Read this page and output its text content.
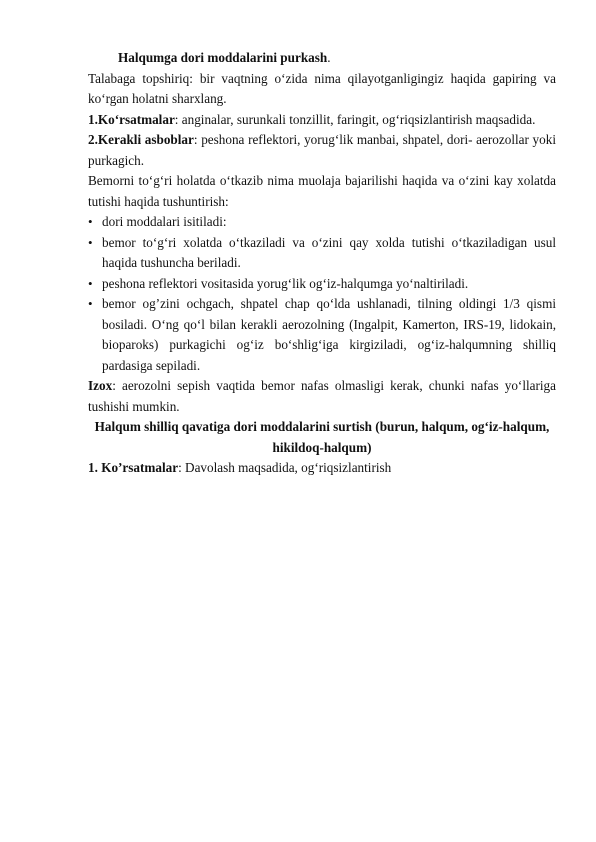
Halqumga dori moddalarini purkash.

Talabaga topshiriq: bir vaqtning o‘zida nima qilayotganligingiz haqida gapiring va ko‘rgan holatni sharxlang.

1.Ko‘rsatmalar: anginalar, surunkali tonzillit, faringit, og‘riqsizlantirish maqsadida.

2.Kerakli asboblar: peshona reflektori, yorug‘lik manbai, shpatel, dori- aerozollar yoki purkagich.

Bemorni to‘g‘ri holatda o‘tkazib nima muolaja bajarilishi haqida va o‘zini kay xolatda tutishi haqida tushuntirish:

• dori moddalari isitiladi:
• bemor to‘g‘ri xolatda o‘tkaziladi va o‘zini qay xolda tutishi o‘tkaziladigan usul haqida tushuncha beriladi.
• peshona reflektori vositasida yorug‘lik og‘iz-halqumga yo‘naltiriladi.
• bemor og’zini ochgach, shpatel chap qo‘lda ushlanadi, tilning oldingi 1/3 qismi bosiladi. O‘ng qo‘l bilan kerakli aerozolning (Ingalpit, Kamerton, IRS-19, lidokain, bioparoks) purkagichi og‘iz bo‘shlig‘iga kirgiziladi, og‘iz-halqumning shilliq pardasiga sepiladi.

Izox: aerozolni sepish vaqtida bemor nafas olmasligi kerak, chunki nafas yo‘llariga tushishi mumkin.

Halqum shilliq qavatiga dori moddalarini surtish (burun, halqum, og‘iz-halqum, hikildoq-halqum)

1. Ko’rsatmalar: Davolash maqsadida, og‘riqsizlantirish
